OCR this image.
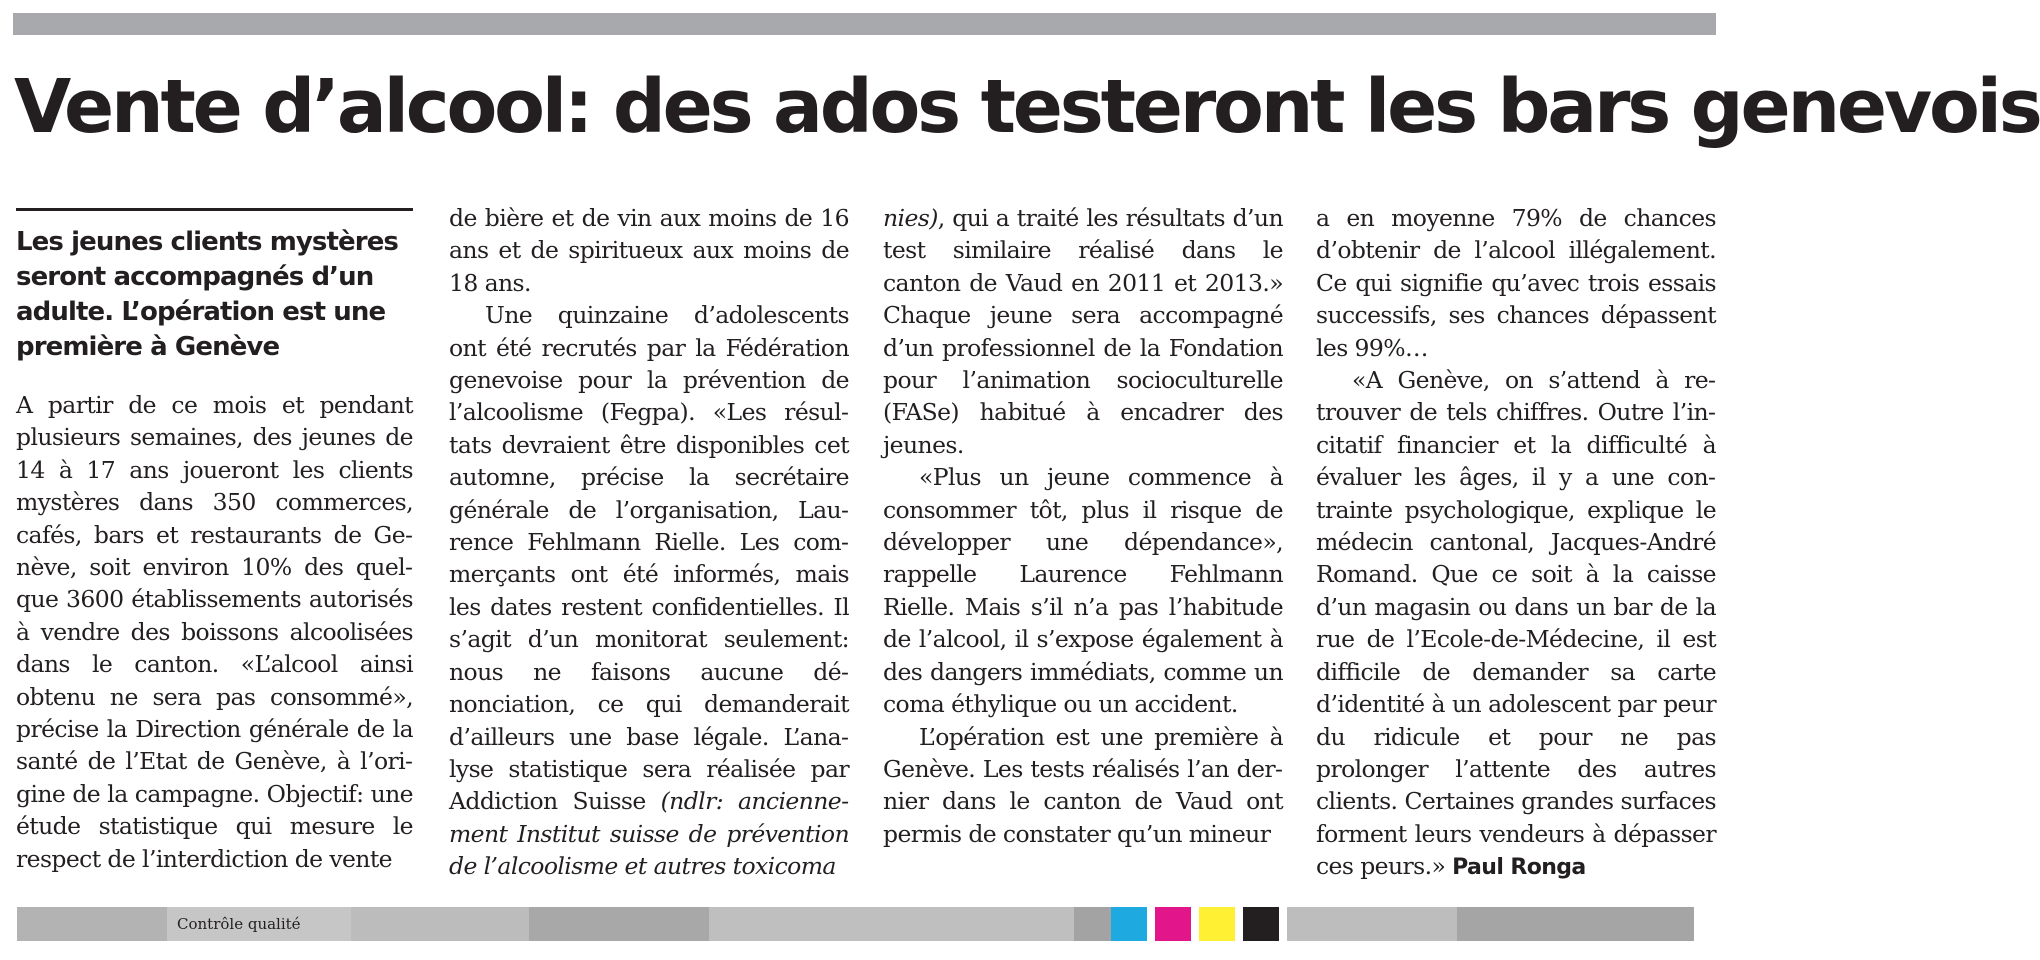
Vente d’alcool: des ados testeront les bars genevois

Les jeunes clients mystères seront accompagnés d’un adulte. L’opération est une première à Genève

A partir de ce mois et pendant plusieurs semaines, des jeunes de 14 à 17 ans joueront les clients mystères dans 350 commerces, cafés, bars et restaurants de Genève, soit environ 10% des quelque 3600 établissements autorisés à vendre des boissons alcoolisées dans le canton. «L’alcool ainsi obtenu ne sera pas consommé», précise la Direction générale de la santé de l’Etat de Genève, à l’origine de la campagne. Objectif: une étude statistique qui mesure le respect de l’interdiction de vente

de bière et de vin aux moins de 16 ans et de spiritueux aux moins de 18 ans.

Une quinzaine d’adolescents ont été recrutés par la Fédération genevoise pour la prévention de l’alcoolisme (Fegpa). «Les résultats devraient être disponibles cet automne, précise la secrétaire générale de l’organisation, Laurence Fehlmann Rielle. Les commerçants ont été informés, mais les dates restent confidentielles. Il s’agit d’un monitorat seulement: nous ne faisons aucune dénonciation, ce qui demanderait d’ailleurs une base légale. L’analyse statistique sera réalisée par Addiction Suisse (ndlr: anciennement Institut suisse de prévention de l’alcoolisme et autres toxicoma

nies), qui a traité les résultats d’un test similaire réalisé dans le canton de Vaud en 2011 et 2013.» Chaque jeune sera accompagné d’un professionnel de la Fondation pour l’animation socioculturelle (FASe) habitué à encadrer des jeunes.

«Plus un jeune commence à consommer tôt, plus il risque de développer une dépendance», rappelle Laurence Fehlmann Rielle. Mais s’il n’a pas l’habitude de l’alcool, il s’expose également à des dangers immédiats, comme un coma éthylique ou un accident.

L’opération est une première à Genève. Les tests réalisés l’an dernier dans le canton de Vaud ont permis de constater qu’un mineur

a en moyenne 79% de chances d’obtenir de l’alcool illégalement. Ce qui signifie qu’avec trois essais successifs, ses chances dépassent les 99%…

«A Genève, on s’attend à retrouver de tels chiffres. Outre l’incitatif financier et la difficulté à évaluer les âges, il y a une contrainte psychologique, explique le médecin cantonal, Jacques-André Romand. Que ce soit à la caisse d’un magasin ou dans un bar de la rue de l’Ecole-de-Médecine, il est difficile de demander sa carte d’identité à un adolescent par peur du ridicule et pour ne pas prolonger l’attente des autres clients. Certaines grandes surfaces forment leurs vendeurs à dépasser ces peurs.» Paul Ronga

Contrôle qualité
